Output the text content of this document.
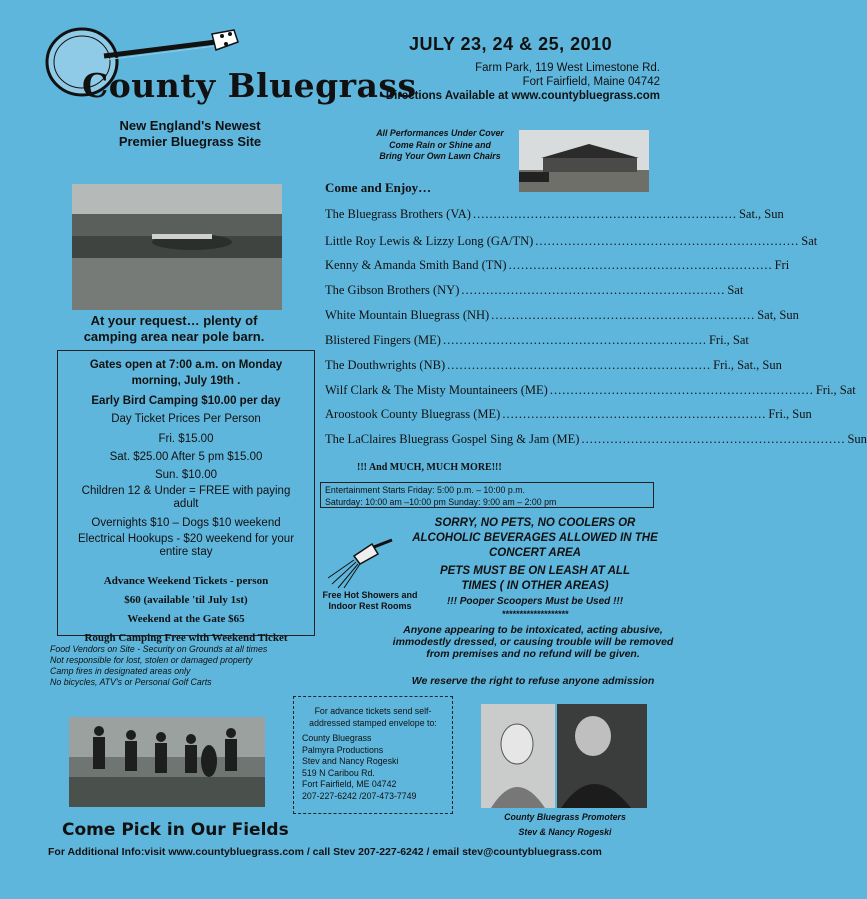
County Bluegrass
JULY 23, 24 & 25, 2010
Farm Park, 119 West Limestone Rd.
Fort Fairfield, Maine 04742
Directions Available at www.countybluegrass.com
New England's Newest
Premier Bluegrass Site
All Performances Under Cover
Come Rain or Shine and
Bring Your Own Lawn Chairs
Come and Enjoy…
The Bluegrass Brothers (VA) ................................................................ Sat., Sun
Little Roy Lewis & Lizzy Long (GA/TN) ................................................................ Sat
Kenny & Amanda Smith Band (TN) ................................................................ Fri
The Gibson Brothers (NY) ................................................................ Sat
White Mountain Bluegrass (NH) ................................................................ Sat, Sun
Blistered Fingers (ME) ................................................................ Fri., Sat
The Douthwrights (NB) ................................................................ Fri., Sat., Sun
Wilf Clark & The Misty Mountaineers (ME) ................................................................ Fri., Sat
Aroostook County Bluegrass (ME) ................................................................ Fri., Sun
The LaClaires Bluegrass Gospel Sing & Jam (ME) ................................................................ Sun
!!! And MUCH, MUCH MORE!!!
Entertainment Starts Friday: 5:00 p.m. – 10:00 p.m.
Saturday: 10:00 am –10:00 pm Sunday: 9:00 am – 2:00 pm
At your request… plenty of
camping area near pole barn.
Gates open at 7:00 a.m. on Monday morning, July 19th .
Early Bird Camping $10.00 per day
Day Ticket Prices Per Person
Fri. $15.00
Sat. $25.00 After 5 pm $15.00
Sun. $10.00
Children 12 & Under = FREE with paying adult
Overnights $10 – Dogs $10 weekend
Electrical Hookups - $20 weekend for your entire stay
Advance Weekend Tickets - person
$60 (available 'til July 1st)
Weekend at the Gate $65
Rough Camping Free with Weekend Ticket
SORRY, NO PETS, NO COOLERS OR
ALCOHOLIC BEVERAGES ALLOWED IN THE
CONCERT AREA
PETS MUST BE ON LEASH AT ALL
TIMES ( IN OTHER AREAS)
!!! Pooper Scoopers Must be Used !!!
*******************
Free Hot Showers and
Indoor Rest Rooms
Anyone appearing to be intoxicated, acting abusive, immodestly dressed, or causing trouble will be removed from premises and no refund will be given.
We reserve the right to refuse anyone admission
Food Vendors on Site - Security on Grounds at all times
Not responsible for lost, stolen or damaged property
Camp fires in designated areas only
No bicycles, ATV's or Personal Golf Carts
For advance tickets send self-addressed stamped envelope to:
County Bluegrass
Palmyra Productions
Stev and Nancy Rogeski
519 N Caribou Rd.
Fort Fairfield, ME 04742
207-227-6242 /207-473-7749
County Bluegrass Promoters
Stev & Nancy Rogeski
Come Pick in Our Fields
For Additional Info:visit www.countybluegrass.com / call Stev 207-227-6242 / email stev@countybluegrass.com
